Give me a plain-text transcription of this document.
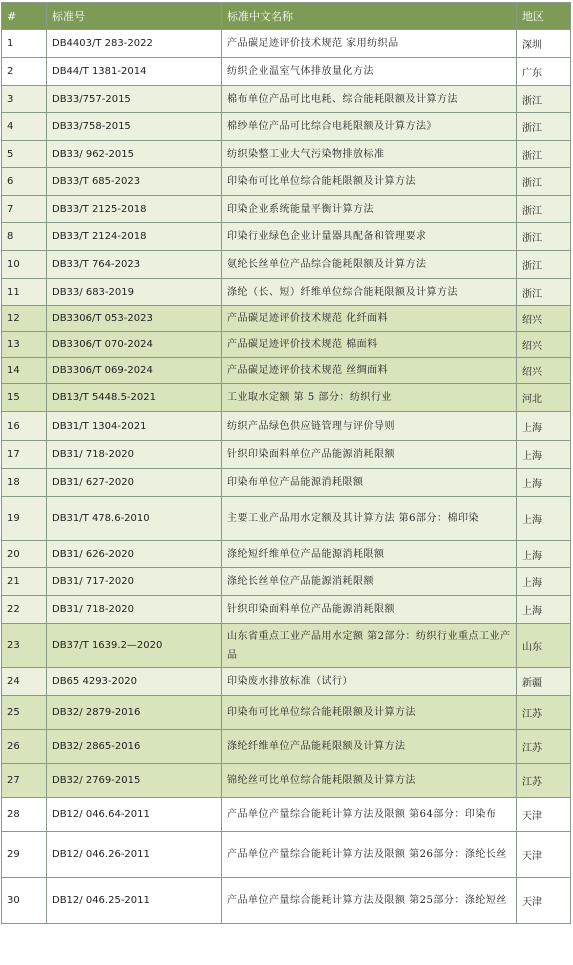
#	标准号	标准中文名称	地区
1	DB4403/T 283-2022	产品碳足迹评价技术规范 家用纺织品	深圳
2	DB44/T 1381-2014	纺织企业温室气体排放量化方法	广东
3	DB33/757-2015	棉布单位产品可比电耗、综合能耗限额及计算方法	浙江
4	DB33/758-2015	棉纱单位产品可比综合电耗限额及计算方法》	浙江
5	DB33/ 962-2015	纺织染整工业大气污染物排放标准	浙江
6	DB33/T 685-2023	印染布可比单位综合能耗限额及计算方法	浙江
7	DB33/T 2125-2018	印染企业系统能量平衡计算方法	浙江
8	DB33/T 2124-2018	印染行业绿色企业计量器具配备和管理要求	浙江
10	DB33/T 764-2023	氨纶长丝单位产品综合能耗限额及计算方法	浙江
11	DB33/ 683-2019	涤纶（长、短）纤维单位综合能耗限额及计算方法	浙江
12	DB3306/T 053-2023	产品碳足迹评价技术规范 化纤面料	绍兴
13	DB3306/T 070-2024	产品碳足迹评价技术规范 棉面料	绍兴
14	DB3306/T 069-2024	产品碳足迹评价技术规范 丝绸面料	绍兴
15	DB13/T 5448.5-2021	工业取水定额 第 5 部分：纺织行业	河北
16	DB31/T 1304-2021	纺织产品绿色供应链管理与评价导则	上海
17	DB31/ 718-2020	针织印染面料单位产品能源消耗限额	上海
18	DB31/ 627-2020	印染布单位产品能源消耗限额	上海
19	DB31/T 478.6-2010	主要工业产品用水定额及其计算方法 第6部分：棉印染	上海
20	DB31/ 626-2020	涤纶短纤维单位产品能源消耗限额	上海
21	DB31/ 717-2020	涤纶长丝单位产品能源消耗限额	上海
22	DB31/ 718-2020	针织印染面料单位产品能源消耗限额	上海
23	DB37/T 1639.2—2020	山东省重点工业产品用水定额 第2部分：纺织行业重点工业产品	山东
24	DB65 4293-2020	印染废水排放标准（试行）	新疆
25	DB32/ 2879-2016	印染布可比单位综合能耗限额及计算方法	江苏
26	DB32/ 2865-2016	涤纶纤维单位产品能耗限额及计算方法	江苏
27	DB32/ 2769-2015	锦纶丝可比单位综合能耗限额及计算方法	江苏
28	DB12/ 046.64-2011	产品单位产量综合能耗计算方法及限额 第64部分：印染布	天津
29	DB12/ 046.26-2011	产品单位产量综合能耗计算方法及限额 第26部分：涤纶长丝	天津
30	DB12/ 046.25-2011	产品单位产量综合能耗计算方法及限额 第25部分：涤纶短丝	天津
